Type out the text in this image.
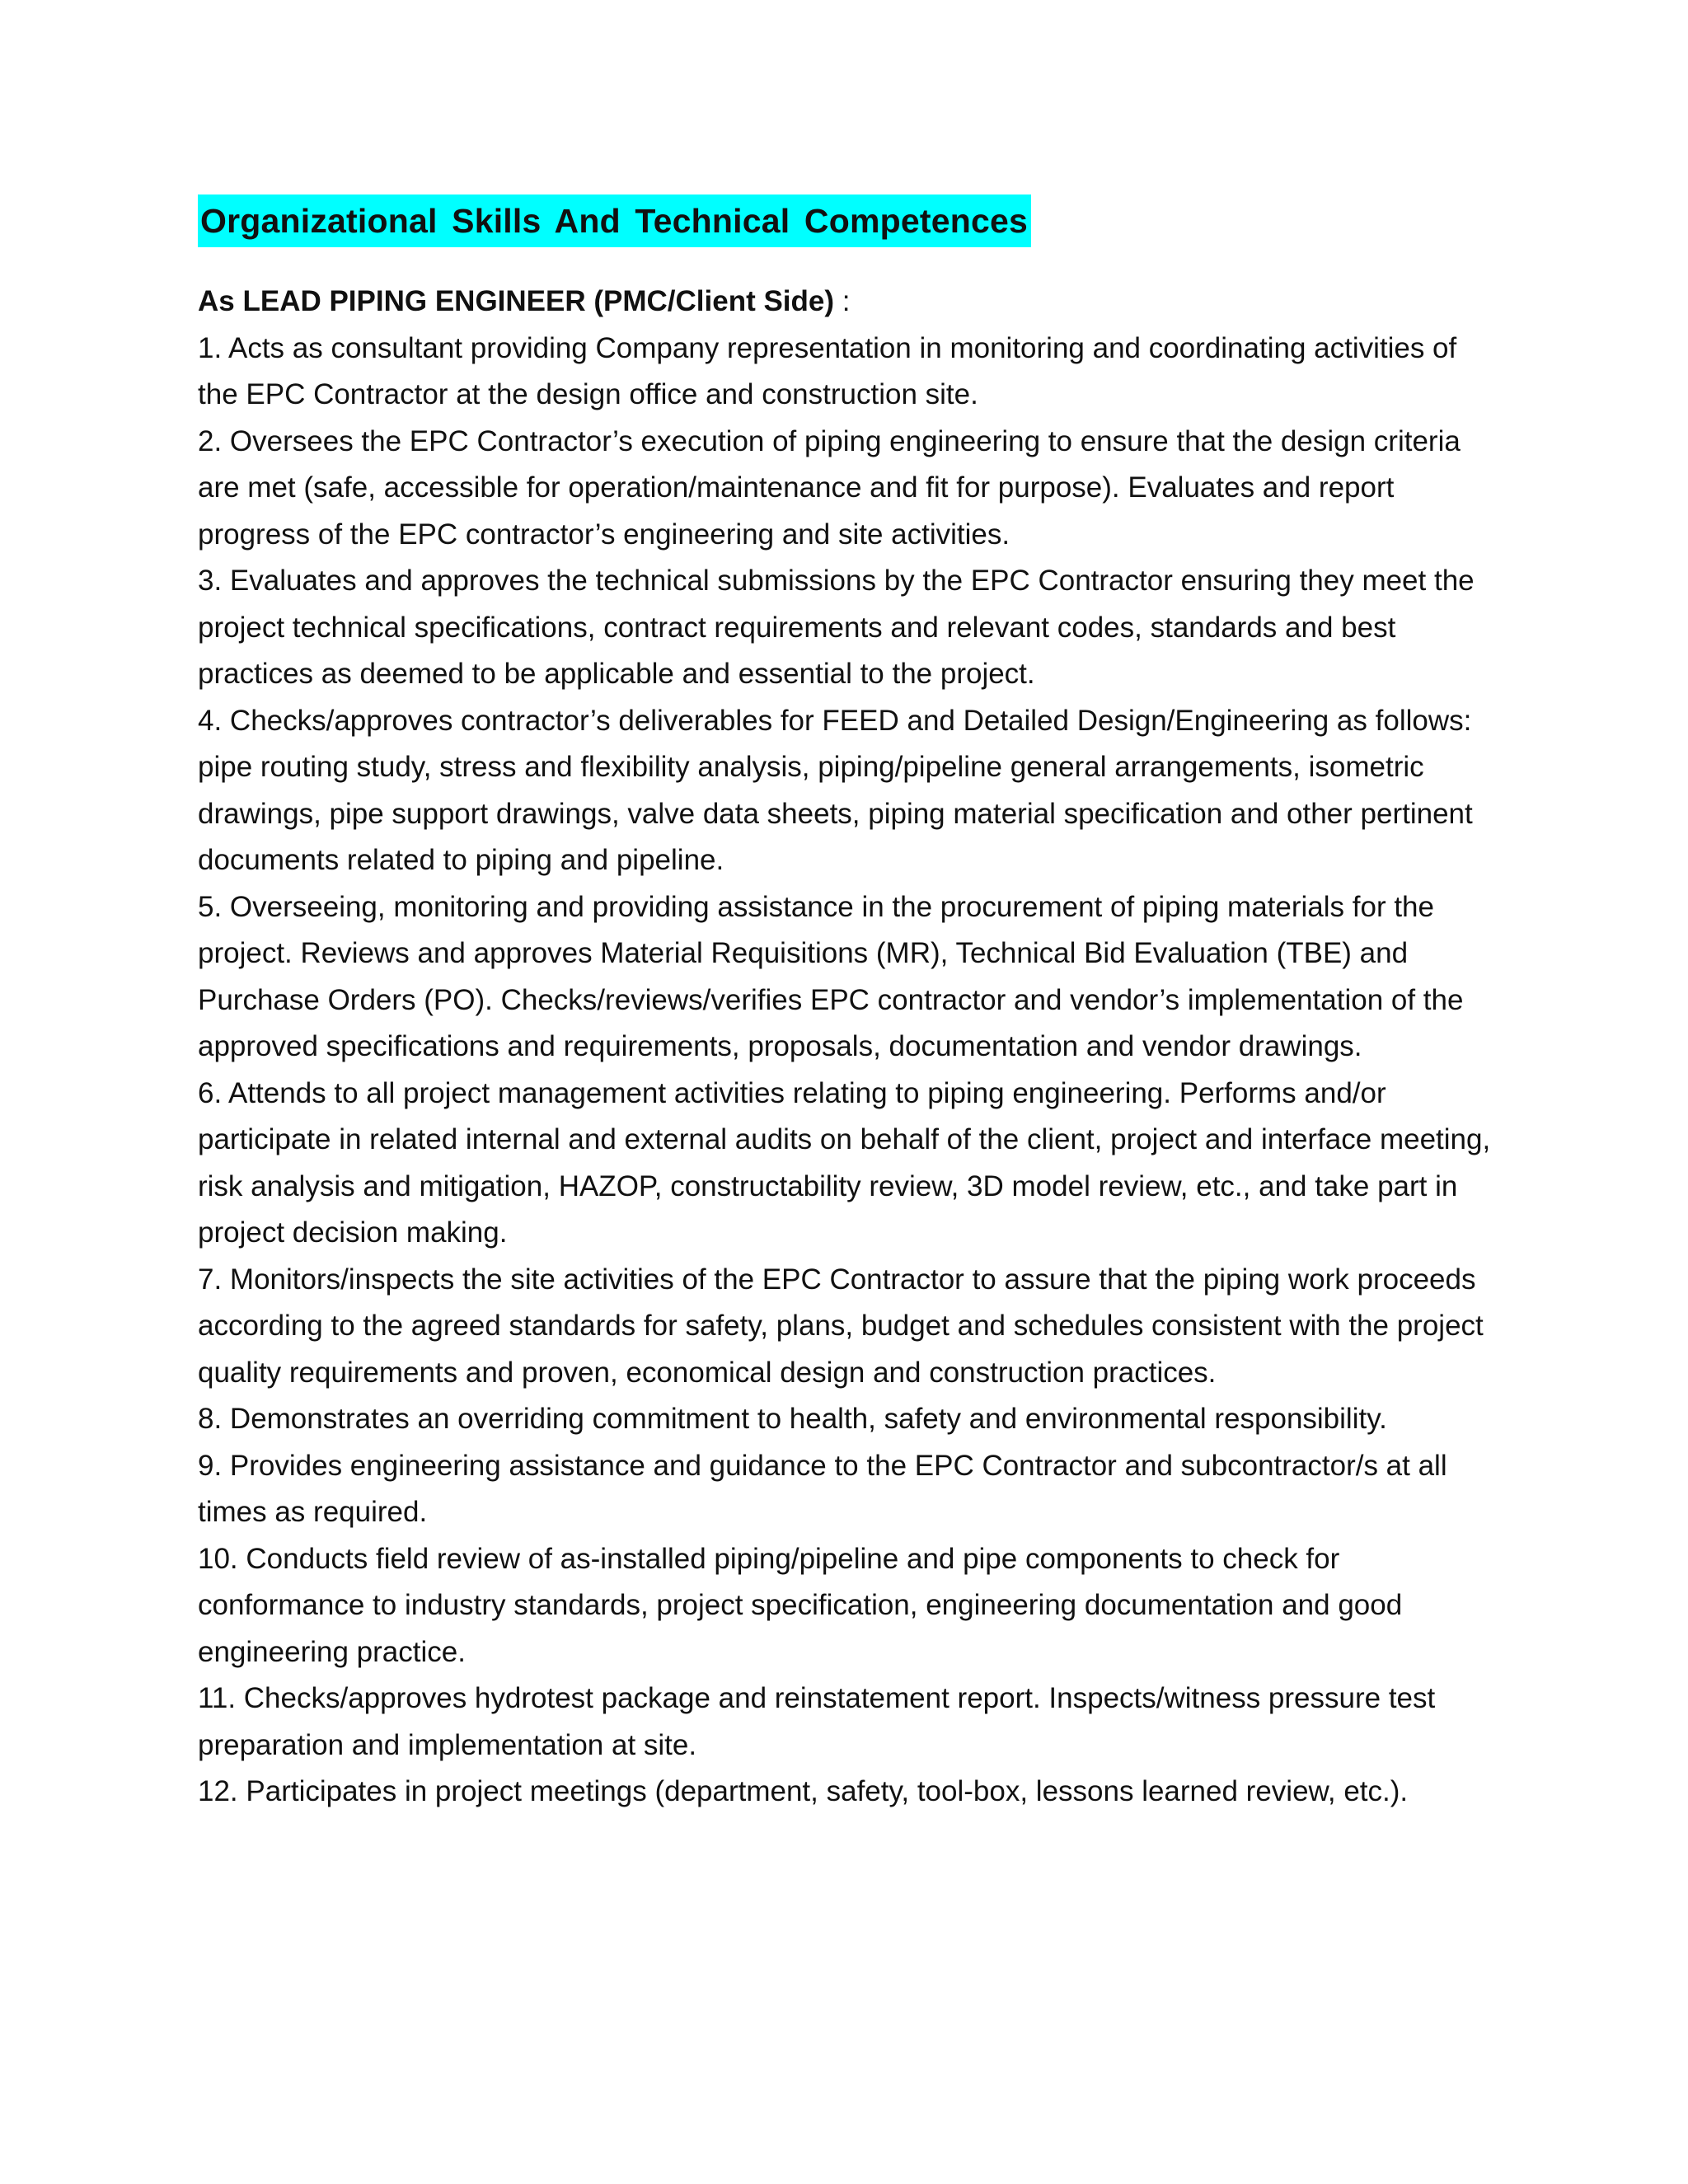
Organizational Skills And Technical Competences
As LEAD PIPING ENGINEER (PMC/Client Side) :
1. Acts as consultant providing Company representation in monitoring and coordinating activities of the EPC Contractor at the design office and construction site.
2. Oversees the EPC Contractor’s execution of piping engineering to ensure that the design criteria are met (safe, accessible for operation/maintenance and fit for purpose). Evaluates and report progress of the EPC contractor’s engineering and site activities.
3. Evaluates and approves the technical submissions by the EPC Contractor ensuring they meet the project technical specifications, contract requirements and relevant codes, standards and best practices as deemed to be applicable and essential to the project.
4. Checks/approves contractor’s deliverables for FEED and Detailed Design/Engineering as follows: pipe routing study, stress and flexibility analysis, piping/pipeline general arrangements, isometric drawings, pipe support drawings, valve data sheets, piping material specification and other pertinent documents related to piping and pipeline.
5. Overseeing, monitoring and providing assistance in the procurement of piping materials for the project. Reviews and approves Material Requisitions (MR), Technical Bid Evaluation (TBE) and Purchase Orders (PO). Checks/reviews/verifies EPC contractor and vendor’s implementation of the approved specifications and requirements, proposals, documentation and vendor drawings.
6. Attends to all project management activities relating to piping engineering. Performs and/or participate in related internal and external audits on behalf of the client, project and interface meeting, risk analysis and mitigation, HAZOP, constructability review, 3D model review, etc., and take part in project decision making.
7. Monitors/inspects the site activities of the EPC Contractor to assure that the piping work proceeds according to the agreed standards for safety, plans, budget and schedules consistent with the project quality requirements and proven, economical design and construction practices.
8. Demonstrates an overriding commitment to health, safety and environmental responsibility.
9. Provides engineering assistance and guidance to the EPC Contractor and subcontractor/s at all times as required.
10. Conducts field review of as-installed piping/pipeline and pipe components to check for conformance to industry standards, project specification, engineering documentation and good engineering practice.
11. Checks/approves hydrotest package and reinstatement report. Inspects/witness pressure test preparation and implementation at site.
12. Participates in project meetings (department, safety, tool-box, lessons learned review, etc.).
